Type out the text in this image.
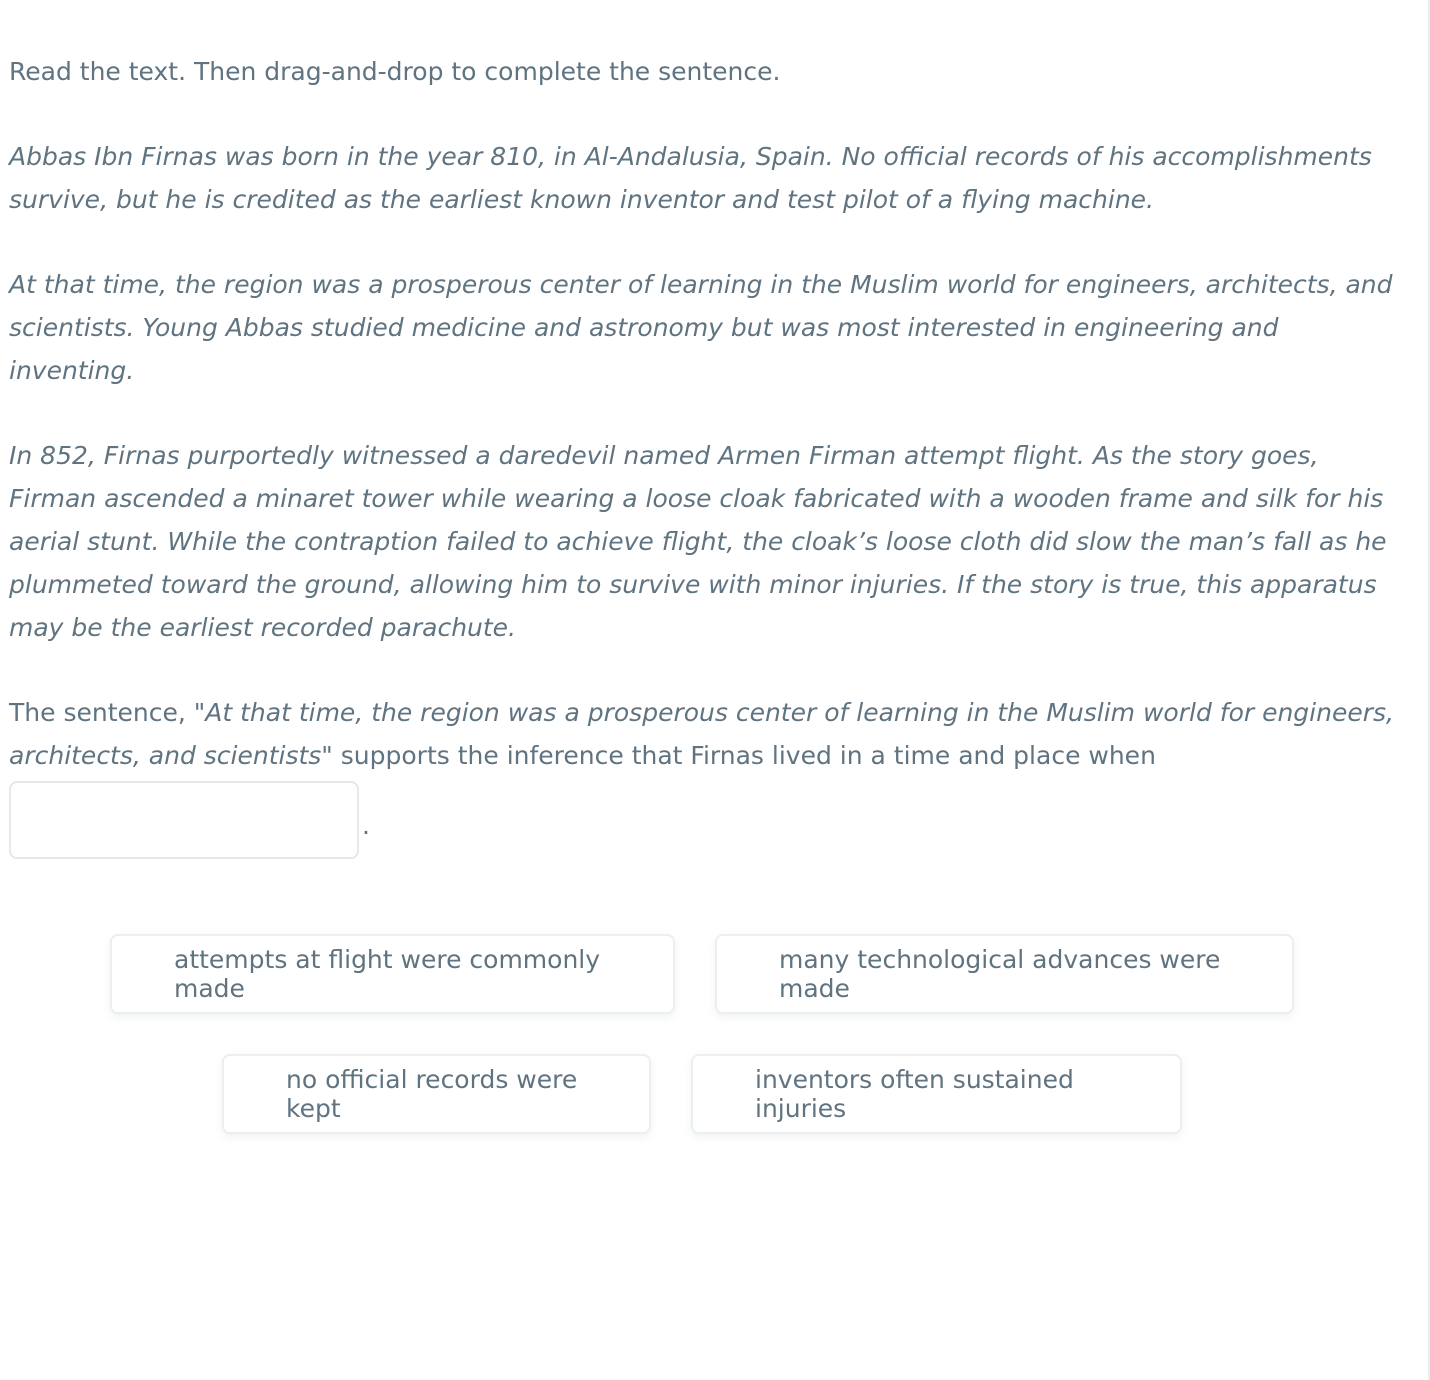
Read the text. Then drag-and-drop to complete the sentence.

Abbas Ibn Firnas was born in the year 810, in Al-Andalusia, Spain. No official records of his accomplishments survive, but he is credited as the earliest known inventor and test pilot of a flying machine.

At that time, the region was a prosperous center of learning in the Muslim world for engineers, architects, and scientists. Young Abbas studied medicine and astronomy but was most interested in engineering and inventing.

In 852, Firnas purportedly witnessed a daredevil named Armen Firman attempt flight. As the story goes, Firman ascended a minaret tower while wearing a loose cloak fabricated with a wooden frame and silk for his aerial stunt. While the contraption failed to achieve flight, the cloak’s loose cloth did slow the man’s fall as he plummeted toward the ground, allowing him to survive with minor injuries. If the story is true, this apparatus may be the earliest recorded parachute.

The sentence, "At that time, the region was a prosperous center of learning in the Muslim world for engineers, architects, and scientists" supports the inference that Firnas lived in a time and place when

.
attempts at flight were commonly made
many technological advances were made
no official records were kept
inventors often sustained injuries
